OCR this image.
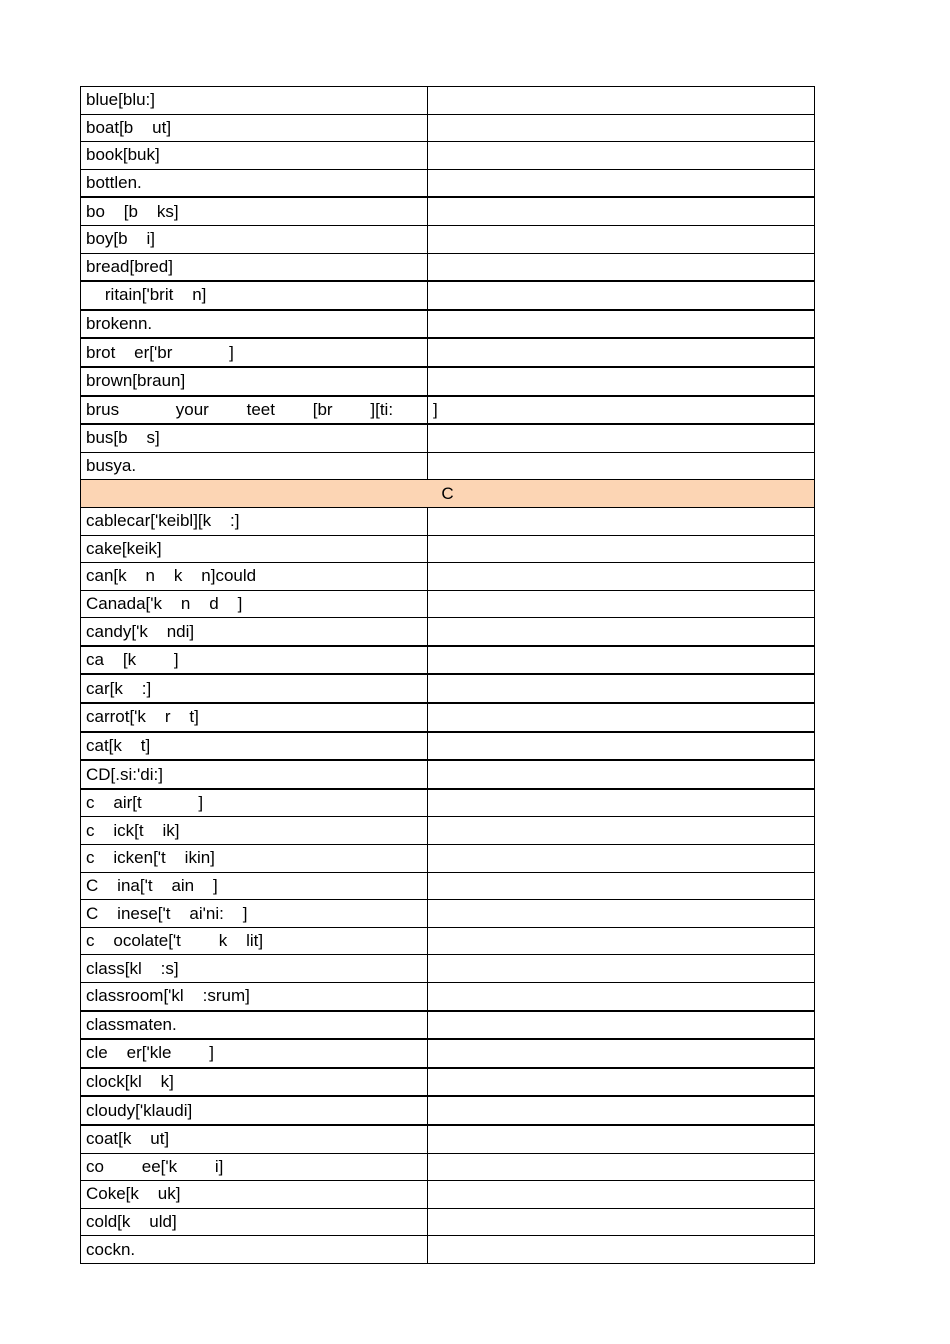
blue[blu:]	
boat[b    ut]	
book[buk]	
bottlen.	
bo    [b    ks]	
boy[b    i]	
bread[bred]	
ritain['brit    n]	
brokenn.	
brot    er['br            ]	
brown[braun]	
brus            your        teet        [br        ][ti:	]
bus[b    s]	
busya.	
C	
cablecar['keibl][k    :]	
cake[keik]	
can[k    n    k    n]could	
Canada['k    n    d    ]	
candy['k    ndi]	
ca    [k        ]	
car[k    :]	
carrot['k    r    t]	
cat[k    t]	
CD[.si:'di:]	
c    air[t            ]	
c    ick[t    ik]	
c    icken['t    ikin]	
C    ina['t    ain    ]	
C    inese['t    ai'ni:    ]	
c    ocolate['t        k    lit]	
class[kl    :s]	
classroom['kl    :srum]	
classmaten.	
cle    er['kle        ]	
clock[kl    k]	
cloudy['klaudi]	
coat[k    ut]	
co        ee['k        i]	
Coke[k    uk]	
cold[k    uld]	
cockn.	
